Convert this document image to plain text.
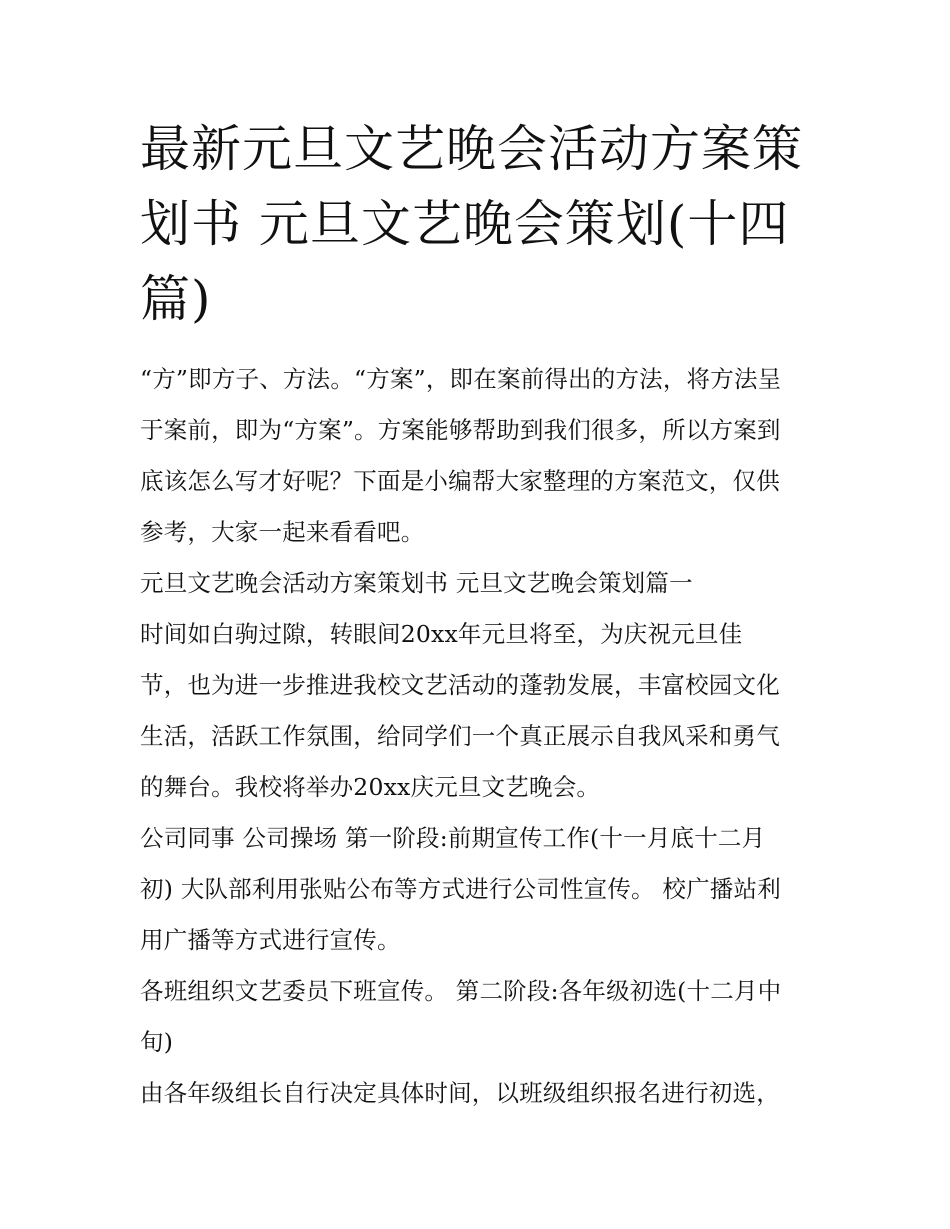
最新元旦文艺晚会活动方案策
划书 元旦文艺晚会策划(十四
篇)

“方”即方子、方法。“方案”，即在案前得出的方法，将方法呈
于案前，即为“方案”。方案能够帮助到我们很多，所以方案到
底该怎么写才好呢？下面是小编帮大家整理的方案范文，仅供
参考，大家一起来看看吧。

元旦文艺晚会活动方案策划书 元旦文艺晚会策划篇一

时间如白驹过隙，转眼间20xx年元旦将至，为庆祝元旦佳
节，也为进一步推进我校文艺活动的蓬勃发展，丰富校园文化
生活，活跃工作氛围，给同学们一个真正展示自我风采和勇气
的舞台。我校将举办20xx庆元旦文艺晚会。

公司同事 公司操场 第一阶段:前期宣传工作(十一月底十二月
初) 大队部利用张贴公布等方式进行公司性宣传。 校广播站利
用广播等方式进行宣传。

各班组织文艺委员下班宣传。 第二阶段:各年级初选(十二月中
旬)

由各年级组长自行决定具体时间，以班级组织报名进行初选，
